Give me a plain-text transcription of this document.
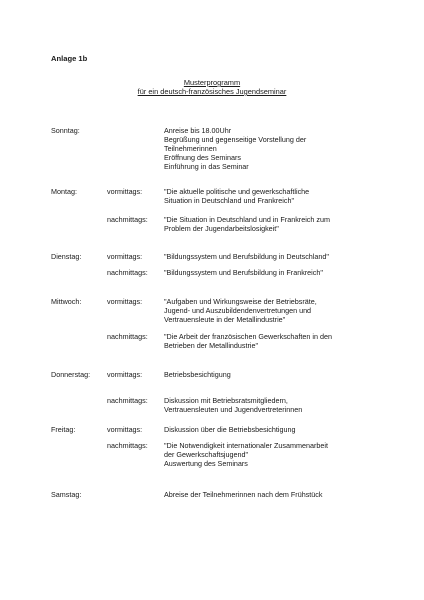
Anlage 1b
Musterprogramm
für ein deutsch-französisches Jugendseminar
Sonntag:	Anreise bis 18.00Uhr
Begrüßung und gegenseitige Vorstellung der
Teilnehmerinnen
Eröffnung des Seminars
Einführung in das Seminar
Montag:	vormittags:	"Die aktuelle politische und gewerkschaftliche
Situation in Deutschland und Frankreich"
nachmittags: "Die Situation in Deutschland und in Frankreich zum
Problem der Jugendarbeitslosigkeit"
Dienstag:	vormittags:	"Bildungssystem und Berufsbildung in Deutschland"
nachmittags: "Bildungssystem und Berufsbildung in Frankreich"
Mittwoch:	vormittags:	"Aufgaben und Wirkungsweise der Betriebsräte,
Jugend- und Auszubildendenvertretungen und
Vertrauensleute in der Metallindustrie"
nachmittags: "Die Arbeit der französischen Gewerkschaften in den
Betrieben der Metallindustrie"
Donnerstag: vormittags:	Betriebsbesichtigung
nachmittags: Diskussion mit Betriebsratsmitgliedern,
Vertrauensleuten und Jugendvertreterinnen
Freitag:	vormittags:	Diskussion über die Betriebsbesichtigung
nachmittags: "Die Notwendigkeit internationaler Zusammenarbeit
der Gewerkschaftsjugend"
Auswertung des Seminars
Samstag:	Abreise der Teilnehmerinnen nach dem Frühstück
